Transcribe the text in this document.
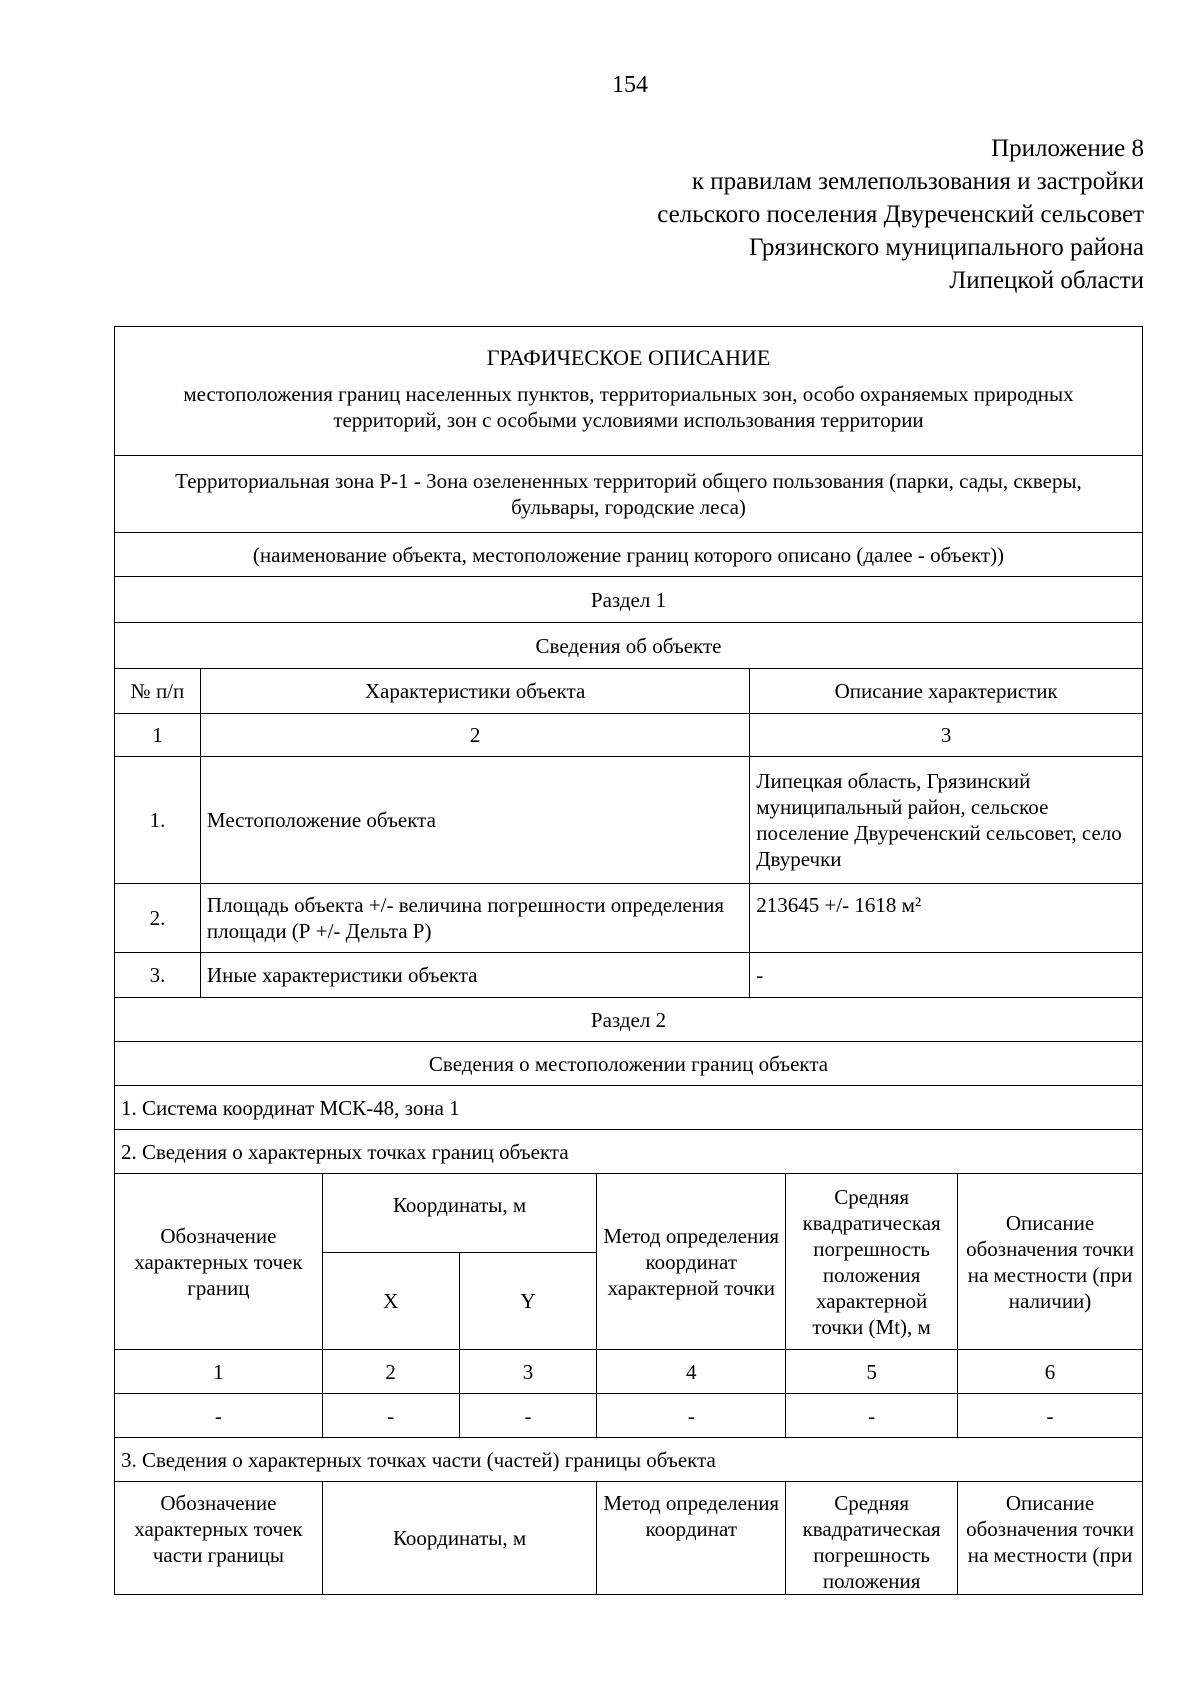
154
Приложение 8
к правилам землепользования и застройки
сельского поселения Двуреченский сельсовет
Грязинского муниципального района
Липецкой области
ГРАФИЧЕСКОЕ ОПИСАНИЕ
местоположения границ населенных пунктов, территориальных зон, особо охраняемых природных территорий, зон с особыми условиями использования территории							

Территориальная зона Р-1 - Зона озелененных территорий общего пользования (парки, сады, скверы, бульвары, городские леса)							
(наименование объекта, местоположение границ которого описано (далее - объект))							
Раздел 1							
Сведения об объекте							
№ п/п	Характеристики объекта				Описание характеристик		
1	2				3		
1.	Местоположение объекта				Липецкая область, Грязинский муниципальный район, сельское поселение Двуреченский сельсовет, село Двуречки		
2.	Площадь объекта +/- величина погрешности определения площади (Р +/- Дельта Р)				213645 +/- 1618 м²		
3.	Иные характеристики объекта				-		
Раздел 2							
Сведения о местоположении границ объекта							
1. Система координат МСК-48, зона 1							
2. Сведения о характерных точках границ объекта							
Обозначение характерных точек границ		Координаты, м		Метод определения координат характерной точки		Средняя квадратическая погрешность положения характерной точки (Mt), м	Описание обозначения точки на местности (при наличии)
		X	Y				
1		2	3	4		5	6
-		-	-	-		-	-
3. Сведения о характерных точках части (частей) границы объекта							
Обозначение характерных точек части границы		Координаты, м		Метод определения координат		Средняя квадратическая погрешность положения	Описание обозначения точки на местности (при
